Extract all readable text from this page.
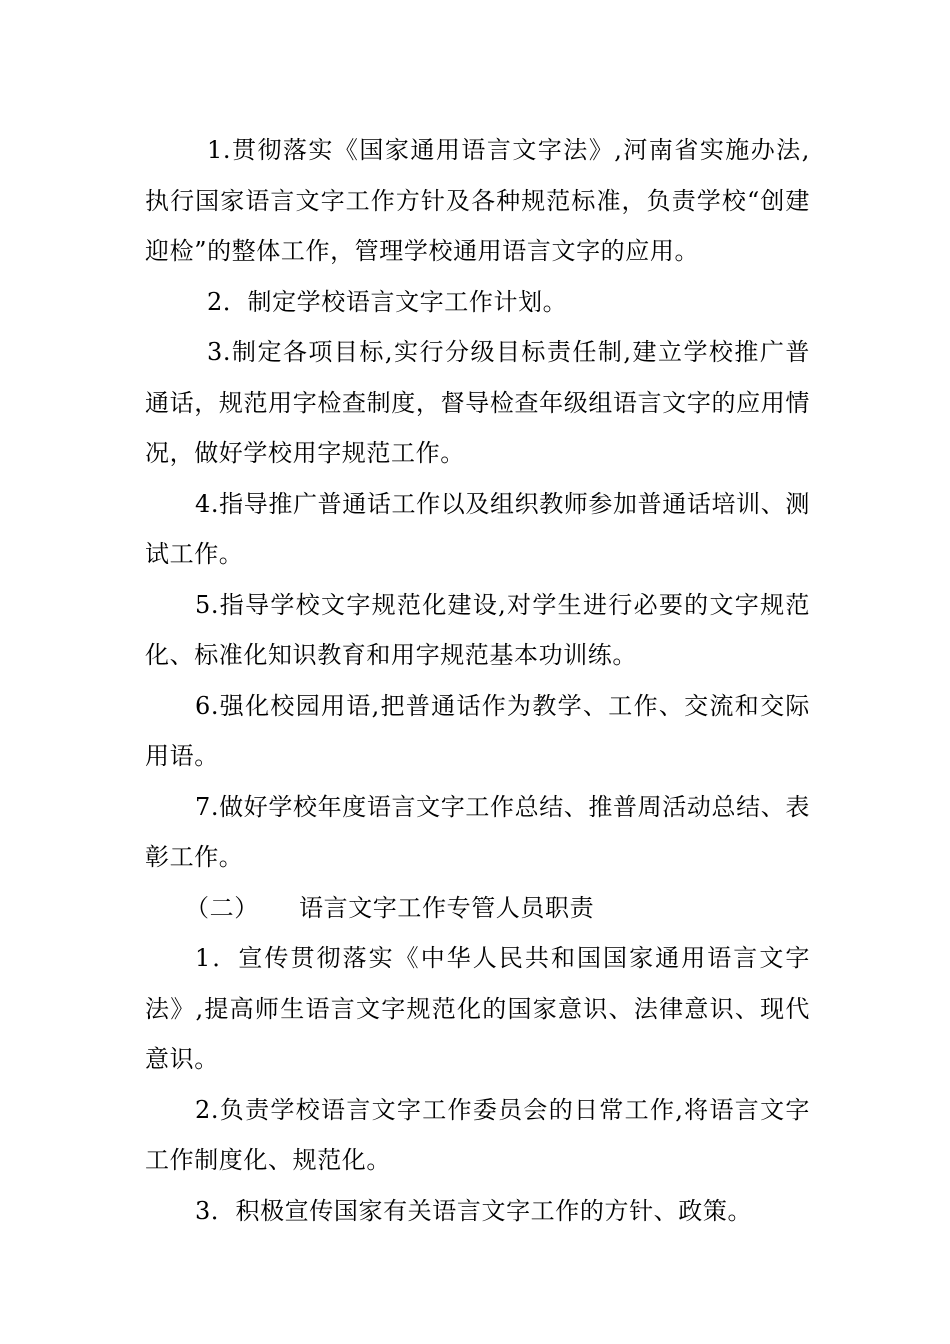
1.贯彻落实《国家通用语言文字法》,河南省实施办法,执行国家语言文字工作方针及各种规范标准，负责学校“创建迎检”的整体工作，管理学校通用语言文字的应用。

2．制定学校语言文字工作计划。

3.制定各项目标,实行分级目标责任制,建立学校推广普通话，规范用字检查制度，督导检查年级组语言文字的应用情况，做好学校用字规范工作。

4.指导推广普通话工作以及组织教师参加普通话培训、测试工作。

5.指导学校文字规范化建设,对学生进行必要的文字规范化、标准化知识教育和用字规范基本功训练。

6.强化校园用语,把普通话作为教学、工作、交流和交际用语。

7.做好学校年度语言文字工作总结、推普周活动总结、表彰工作。

（二） 语言文字工作专管人员职责

1．宣传贯彻落实《中华人民共和国国家通用语言文字法》,提高师生语言文字规范化的国家意识、法律意识、现代意识。

2.负责学校语言文字工作委员会的日常工作,将语言文字工作制度化、规范化。

3．积极宣传国家有关语言文字工作的方针、政策。
